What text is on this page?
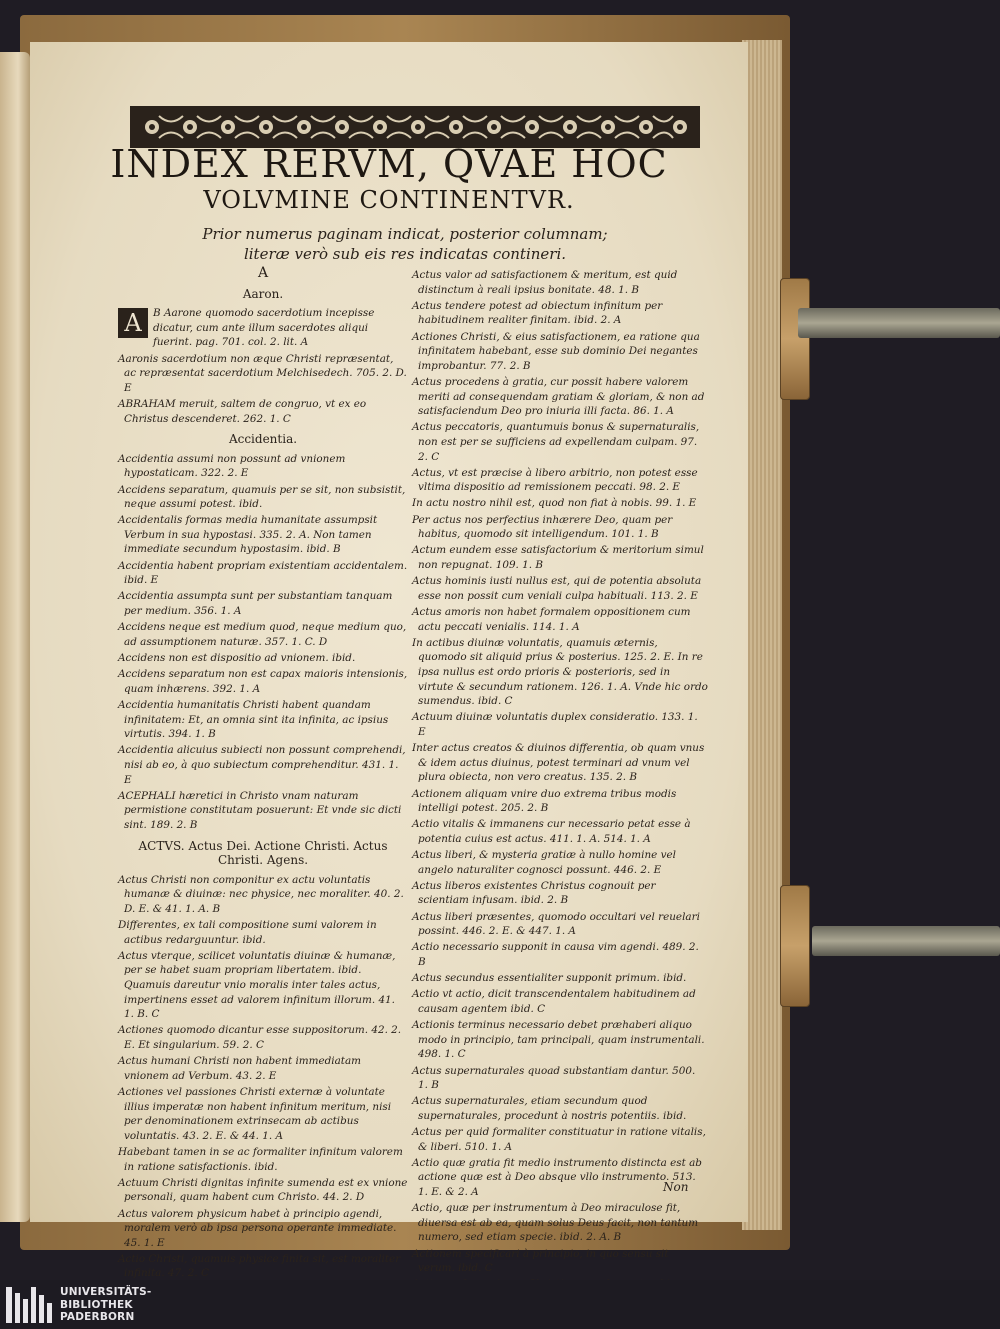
INDEX RERVM, QVAE HOC
VOLVMINE CONTINENTVR.
Prior numerus paginam indicat, posterior columnam; literæ verò sub eis res indicatas contineri.
A
Aaron.
A	B Aarone quomodo sacerdotium incepisse dicatur, cum ante illum sacerdotes aliqui fuerint. pag. 701. col. 2. lit. A
Aaronis sacerdotium non æque Christi repræsentat, ac repræsentat sacerdotium Melchisedech. 705. 2. D. E
ABRAHAM meruit, saltem de congruo, vt ex eo Christus descenderet. 262. 1. C
Accidentia.
Accidentia assumi non possunt ad vnionem hypostaticam. 322. 2. E
Accidens separatum, quamuis per se sit, non subsistit, neque assumi potest. ibid.
Accidentalis formas media humanitate assumpsit Verbum in sua hypostasi. 335. 2. A. Non tamen immediate secundum hypostasim. ibid. B
Accidentia habent propriam existentiam accidentalem. ibid. E
Accidentia assumpta sunt per substantiam tanquam per medium. 356. 1. A
Accidens neque est medium quod, neque medium quo, ad assumptionem naturæ. 357. 1. C. D
Accidens non est dispositio ad vnionem. ibid.
Accidens separatum non est capax maioris intensionis, quam inhærens. 392. 1. A
Accidentia humanitatis Christi habent quandam infinitatem: Et, an omnia sint ita infinita, ac ipsius virtutis. 394. 1. B
Accidentia alicuius subiecti non possunt comprehendi, nisi ab eo, à quo subiectum comprehenditur. 431. 1. E
ACEPHALI hæretici in Christo vnam naturam permistione constitutam posuerunt: Et vnde sic dicti sint. 189. 2. B
ACTVS. Actus Dei. Actione Christi. Actus Christi. Agens.
Actus Christi non componitur ex actu voluntatis humanæ & diuinæ: nec physice, nec moraliter. 40. 2. D. E. & 41. 1. A. B
Differentes, ex tali compositione sumi valorem in actibus redarguuntur. ibid.
Actus vterque, scilicet voluntatis diuinæ & humanæ, per se habet suam propriam libertatem. ibid. Quamuis dareutur vnio moralis inter tales actus, impertinens esset ad valorem infinitum illorum. 41. 1. B. C
Actiones quomodo dicantur esse suppositorum. 42. 2. E. Et singularium. 59. 2. C
Actus humani Christi non habent immediatam vnionem ad Verbum. 43. 2. E
Actiones vel passiones Christi externæ à voluntate illius imperatæ non habent infinitum meritum, nisi per denominationem extrinsecam ab actibus voluntatis. 43. 2. E. & 44. 1. A
Habebant tamen in se ac formaliter infinitum valorem in ratione satisfactionis. ibid.
Actuum Christi dignitas infinite sumenda est ex vnione personali, quam habent cum Christo. 44. 2. D
Actus valorem physicum habet à principio agendi, moralem verò ab ipsa persona operante immediate. 45. 1. E
Actio Christi, quamuis physice finita sit, est moraliter infinita. 47. 2. C
Actus valor ad satisfactionem & meritum, est quid distinctum à reali ipsius bonitate. 48. 1. B
Actus tendere potest ad obiectum infinitum per habitudinem realiter finitam. ibid. 2. A
Actiones Christi, & eius satisfactionem, ea ratione qua infinitatem habebant, esse sub dominio Dei negantes improbantur. 77. 2. B
Actus procedens à gratia, cur possit habere valorem meriti ad consequendam gratiam & gloriam, & non ad satisfaciendum Deo pro iniuria illi facta. 86. 1. A
Actus peccatoris, quantumuis bonus & supernaturalis, non est per se sufficiens ad expellendam culpam. 97. 2. C
Actus, vt est præcise à libero arbitrio, non potest esse vltima dispositio ad remissionem peccati. 98. 2. E
In actu nostro nihil est, quod non fiat à nobis. 99. 1. E
Per actus nos perfectius inhærere Deo, quam per habitus, quomodo sit intelligendum. 101. 1. B
Actum eundem esse satisfactorium & meritorium simul non repugnat. 109. 1. B
Actus hominis iusti nullus est, qui de potentia absoluta esse non possit cum veniali culpa habituali. 113. 2. E
Actus amoris non habet formalem oppositionem cum actu peccati venialis. 114. 1. A
In actibus diuinæ voluntatis, quamuis æternis, quomodo sit aliquid prius & posterius. 125. 2. E. In re ipsa nullus est ordo prioris & posterioris, sed in virtute & secundum rationem. 126. 1. A. Vnde hic ordo sumendus. ibid. C
Actuum diuinæ voluntatis duplex consideratio. 133. 1. E
Inter actus creatos & diuinos differentia, ob quam vnus & idem actus diuinus, potest terminari ad vnum vel plura obiecta, non vero creatus. 135. 2. B
Actionem aliquam vnire duo extrema tribus modis intelligi potest. 205. 2. B
Actio vitalis & immanens cur necessario petat esse à potentia cuius est actus. 411. 1. A. 514. 1. A
Actus liberi, & mysteria gratiæ à nullo homine vel angelo naturaliter cognosci possunt. 446. 2. E
Actus liberos existentes Christus cognouit per scientiam infusam. ibid. 2. B
Actus liberi præsentes, quomodo occultari vel reuelari possint. 446. 2. E. & 447. 1. A
Actio necessario supponit in causa vim agendi. 489. 2. B
Actus secundus essentialiter supponit primum. ibid.
Actio vt actio, dicit transcendentalem habitudinem ad causam agentem ibid. C
Actionis terminus necessario debet præhaberi aliquo modo in principio, tam principali, quam instrumentali. 498. 1. C
Actus supernaturales quoad substantiam dantur. 500. 1. B
Actus supernaturales, etiam secundum quod supernaturales, procedunt à nostris potentiis. ibid.
Actus per quid formaliter constituatur in ratione vitalis, & liberi. 510. 1. A
Actio quæ gratia fit medio instrumento distincta est ab actione quæ est à Deo absque vllo instrumento. 513. 1. E. & 2. A
Actio, quæ per instrumentum à Deo miraculose fit, diuersa est ab ea, quam solus Deus facit, non tantum numero, sed etiam specie. ibid. 2. A. B
Actionem specificari à principio, in quo sensu sit verum. ibid. C
Non
UNIVERSITÄTS-
BIBLIOTHEK
PADERBORN
